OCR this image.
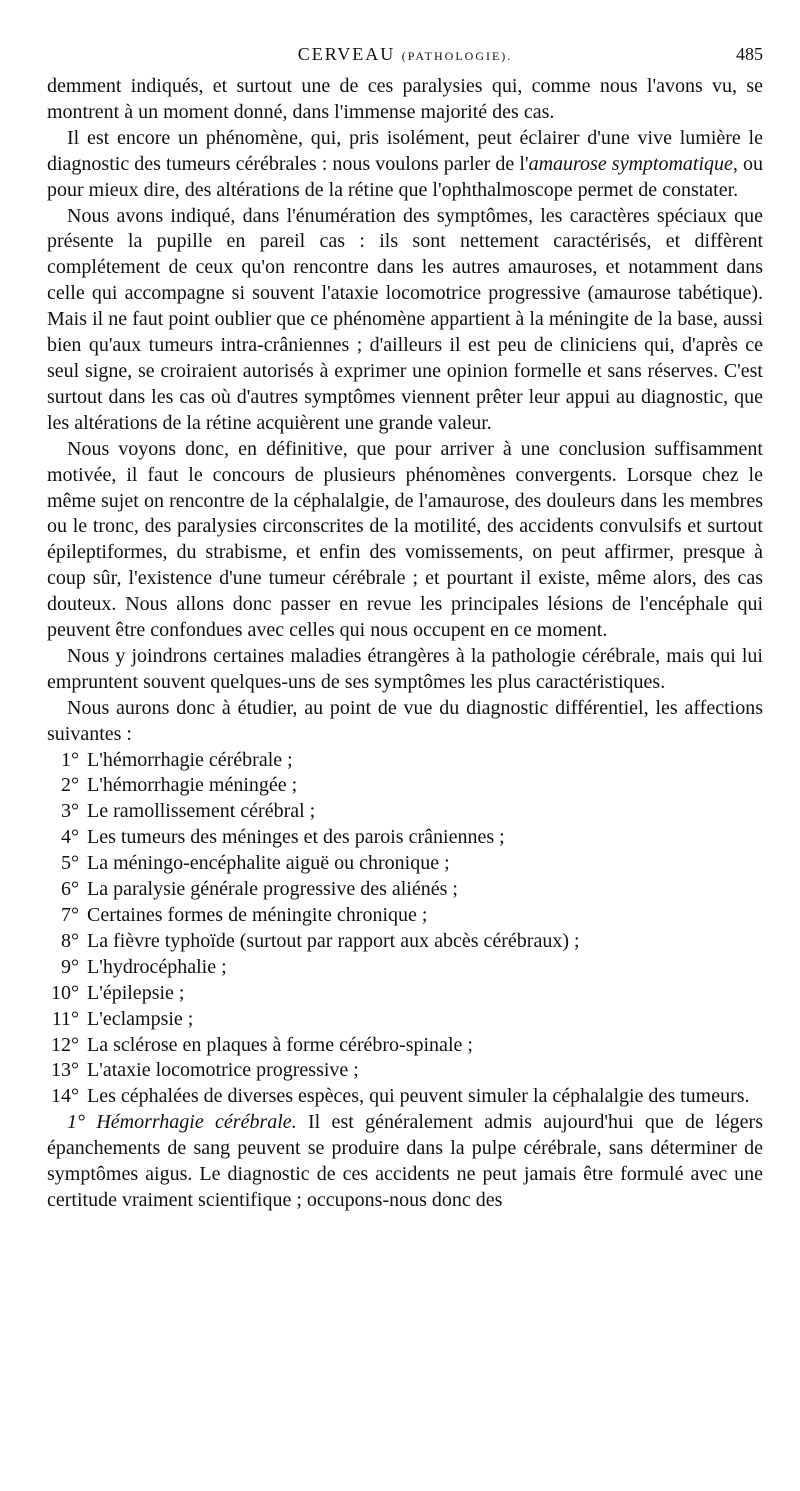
CERVEAU (PATHOLOGIE).	485

demment indiqués, et surtout une de ces paralysies qui, comme nous l'avons vu, se montrent à un moment donné, dans l'immense majorité des cas.

Il est encore un phénomène, qui, pris isolément, peut éclairer d'une vive lumière le diagnostic des tumeurs cérébrales : nous voulons parler de l'amaurose symptomatique, ou pour mieux dire, des altérations de la rétine que l'ophthalmoscope permet de constater.

Nous avons indiqué, dans l'énumération des symptômes, les caractères spéciaux que présente la pupille en pareil cas : ils sont nettement caractérisés, et diffèrent complétement de ceux qu'on rencontre dans les autres amauroses, et notamment dans celle qui accompagne si souvent l'ataxie locomotrice progressive (amaurose tabétique). Mais il ne faut point oublier que ce phénomène appartient à la méningite de la base, aussi bien qu'aux tumeurs intra-crâniennes ; d'ailleurs il est peu de cliniciens qui, d'après ce seul signe, se croiraient autorisés à exprimer une opinion formelle et sans réserves. C'est surtout dans les cas où d'autres symptômes viennent prêter leur appui au diagnostic, que les altérations de la rétine acquièrent une grande valeur.

Nous voyons donc, en définitive, que pour arriver à une conclusion suffisamment motivée, il faut le concours de plusieurs phénomènes convergents. Lorsque chez le même sujet on rencontre de la céphalalgie, de l'amaurose, des douleurs dans les membres ou le tronc, des paralysies circonscrites de la motilité, des accidents convulsifs et surtout épileptiformes, du strabisme, et enfin des vomissements, on peut affirmer, presque à coup sûr, l'existence d'une tumeur cérébrale ; et pourtant il existe, même alors, des cas douteux. Nous allons donc passer en revue les principales lésions de l'encéphale qui peuvent être confondues avec celles qui nous occupent en ce moment.

Nous y joindrons certaines maladies étrangères à la pathologie cérébrale, mais qui lui empruntent souvent quelques-uns de ses symptômes les plus caractéristiques.

Nous aurons donc à étudier, au point de vue du diagnostic différentiel, les affections suivantes :

1° L'hémorrhagie cérébrale ;
2° L'hémorrhagie méningée ;
3° Le ramollissement cérébral ;
4° Les tumeurs des méninges et des parois crâniennes ;
5° La méningo-encéphalite aiguë ou chronique ;
6° La paralysie générale progressive des aliénés ;
7° Certaines formes de méningite chronique ;
8° La fièvre typhoïde (surtout par rapport aux abcès cérébraux) ;
9° L'hydrocéphalie ;
10° L'épilepsie ;
11° L'eclampsie ;
12° La sclérose en plaques à forme cérébro-spinale ;
13° L'ataxie locomotrice progressive ;
14° Les céphalées de diverses espèces, qui peuvent simuler la céphalalgie des tumeurs.

1° Hémorrhagie cérébrale. Il est généralement admis aujourd'hui que de légers épanchements de sang peuvent se produire dans la pulpe cérébrale, sans déterminer de symptômes aigus. Le diagnostic de ces accidents ne peut jamais être formulé avec une certitude vraiment scientifique ; occupons-nous donc des
